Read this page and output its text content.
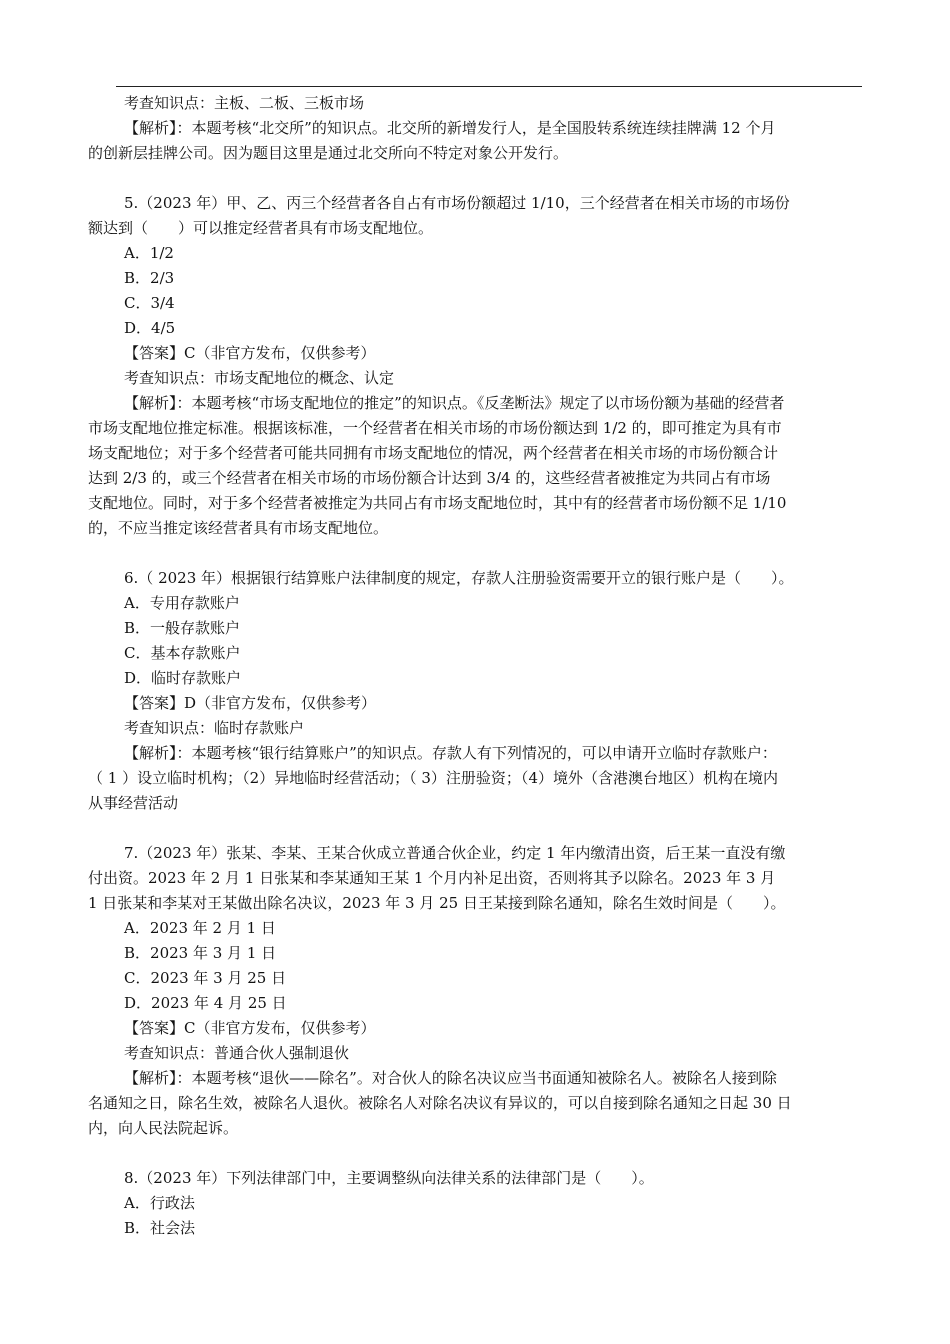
考查知识点：主板、二板、三板市场
【解析】：本题考核“北交所”的知识点。北交所的新增发行人，是全国股转系统连续挂牌满 12 个月
的创新层挂牌公司。因为题目这里是通过北交所向不特定对象公开发行。
5.（2023 年）甲、乙、丙三个经营者各自占有市场份额超过 1/10，三个经营者在相关市场的市场份
额达到（　　）可以推定经营者具有市场支配地位。
A．1/2
B．2/3
C．3/4
D．4/5
【答案】C（非官方发布，仅供参考）
考查知识点：市场支配地位的概念、认定
【解析】：本题考核“市场支配地位的推定”的知识点。《反垄断法》规定了以市场份额为基础的经营者
市场支配地位推定标准。根据该标准，一个经营者在相关市场的市场份额达到 1/2 的，即可推定为具有市
场支配地位；对于多个经营者可能共同拥有市场支配地位的情况，两个经营者在相关市场的市场份额合计
达到 2/3 的，或三个经营者在相关市场的市场份额合计达到 3/4 的，这些经营者被推定为共同占有市场
支配地位。同时，对于多个经营者被推定为共同占有市场支配地位时，其中有的经营者市场份额不足 1/10
的，不应当推定该经营者具有市场支配地位。
6.（ 2023 年）根据银行结算账户法律制度的规定，存款人注册验资需要开立的银行账户是（　　）。
A．专用存款账户
B．一般存款账户
C．基本存款账户
D．临时存款账户
【答案】D（非官方发布，仅供参考）
考查知识点：临时存款账户
【解析】：本题考核“银行结算账户”的知识点。存款人有下列情况的，可以申请开立临时存款账户：
（ 1 ）设立临时机构；（2）异地临时经营活动；（ 3）注册验资；（4）境外（含港澳台地区）机构在境内
从事经营活动
7.（2023 年）张某、李某、王某合伙成立普通合伙企业，约定 1 年内缴清出资，后王某一直没有缴
付出资。2023 年 2 月 1 日张某和李某通知王某 1 个月内补足出资，否则将其予以除名。2023 年 3 月
1 日张某和李某对王某做出除名决议，2023 年 3 月 25 日王某接到除名通知，除名生效时间是（　　）。
A．2023 年 2 月 1 日
B．2023 年 3 月 1 日
C．2023 年 3 月 25 日
D．2023 年 4 月 25 日
【答案】C（非官方发布，仅供参考）
考查知识点：普通合伙人强制退伙
【解析】：本题考核“退伙——除名”。对合伙人的除名决议应当书面通知被除名人。被除名人接到除
名通知之日，除名生效，被除名人退伙。被除名人对除名决议有异议的，可以自接到除名通知之日起 30 日
内，向人民法院起诉。
8.（2023 年）下列法律部门中，主要调整纵向法律关系的法律部门是（　　）。
A．行政法
B．社会法
